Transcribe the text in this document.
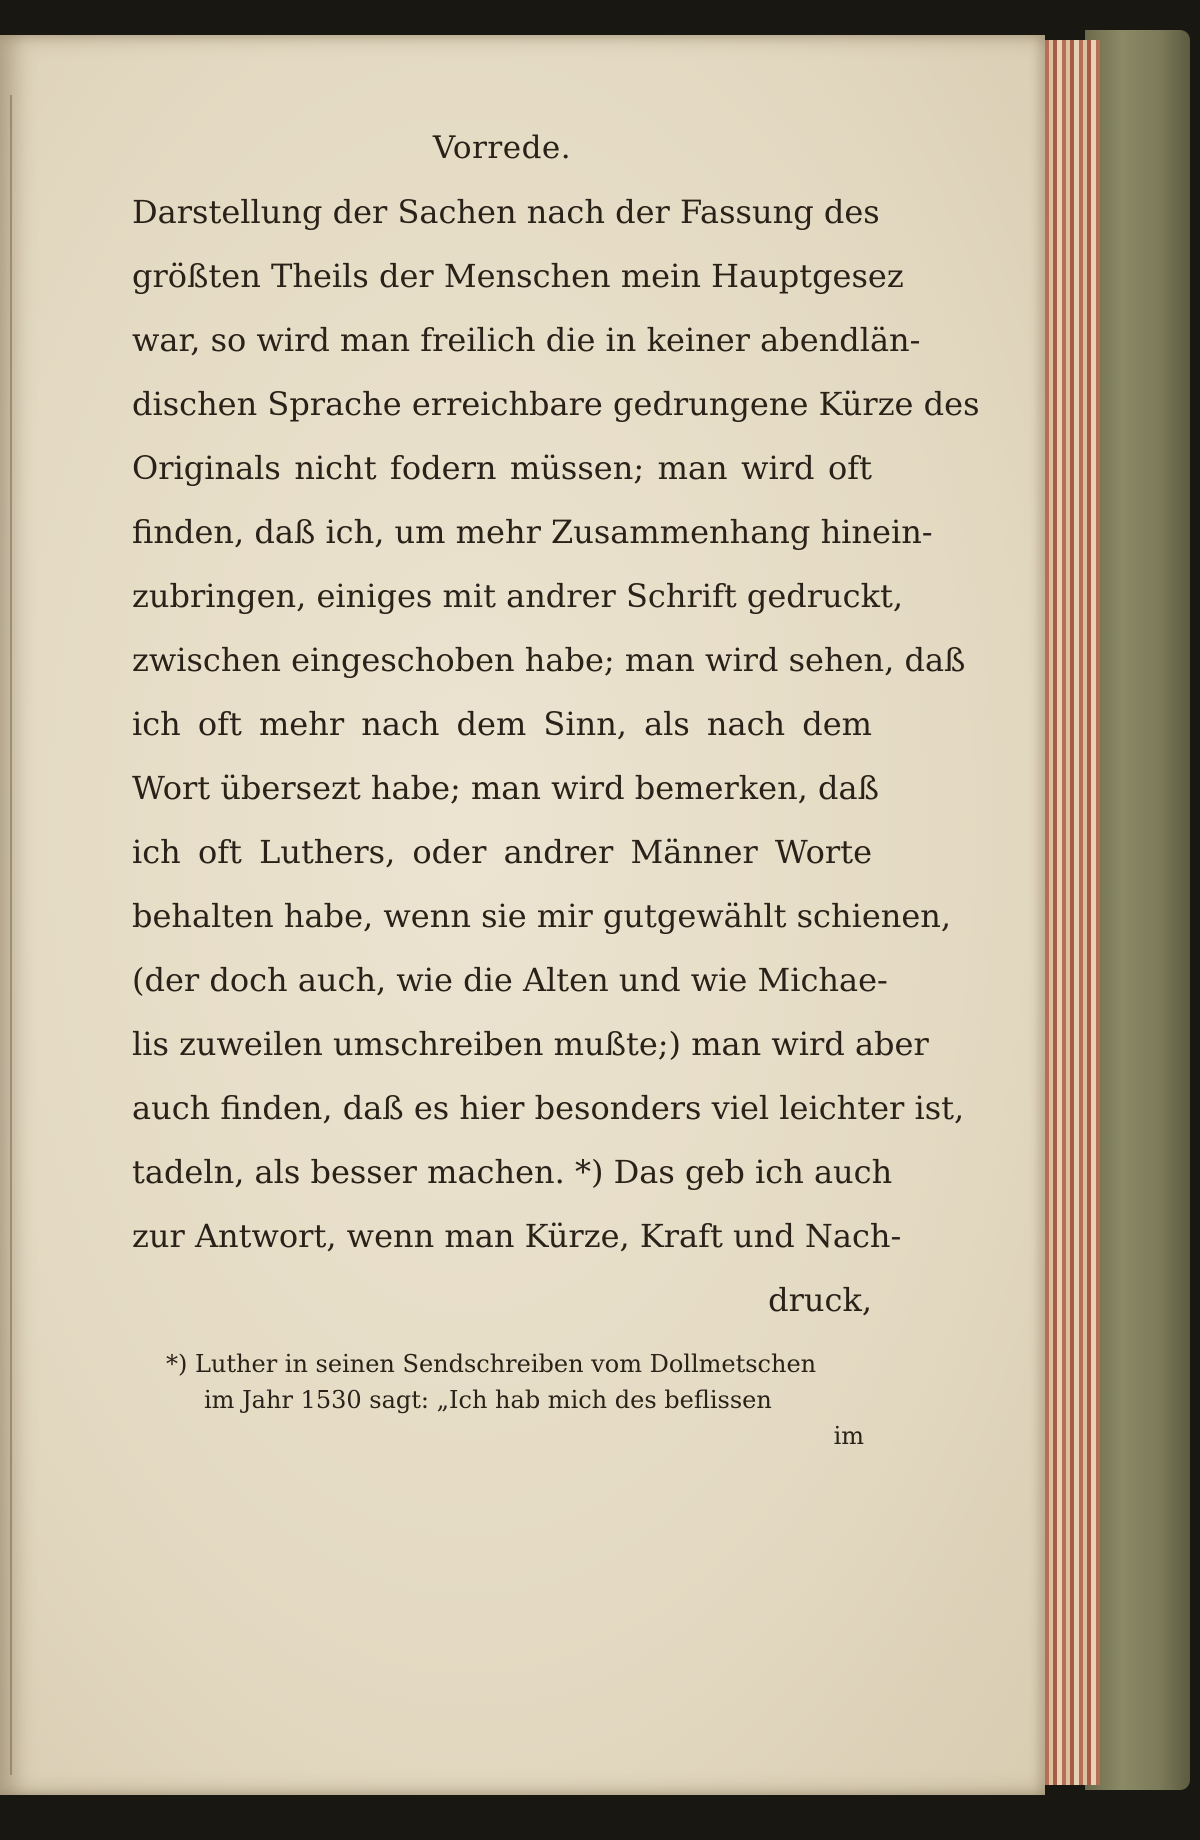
Vorrede.
Darstellung der Sachen nach der Fassung des
größten Theils der Menschen mein Hauptgesez
war, so wird man freilich die in keiner abendlän-
dischen Sprache erreichbare gedrungene Kürze des
Originals nicht fodern müssen; man wird oft
finden, daß ich, um mehr Zusammenhang hinein-
zubringen, einiges mit andrer Schrift gedruckt,
zwischen eingeschoben habe; man wird sehen, daß
ich oft mehr nach dem Sinn, als nach dem
Wort übersezt habe; man wird bemerken, daß
ich oft Luthers, oder andrer Männer Worte
behalten habe, wenn sie mir gutgewählt schienen,
(der doch auch, wie die Alten und wie Michae-
lis zuweilen umschreiben mußte;) man wird aber
auch finden, daß es hier besonders viel leichter ist,
tadeln, als besser machen. *) Das geb ich auch
zur Antwort, wenn man Kürze, Kraft und Nach-
druck,
*) Luther in seinen Sendschreiben vom Dollmetschen
im Jahr 1530 sagt: „Ich hab mich des beflissen
im
